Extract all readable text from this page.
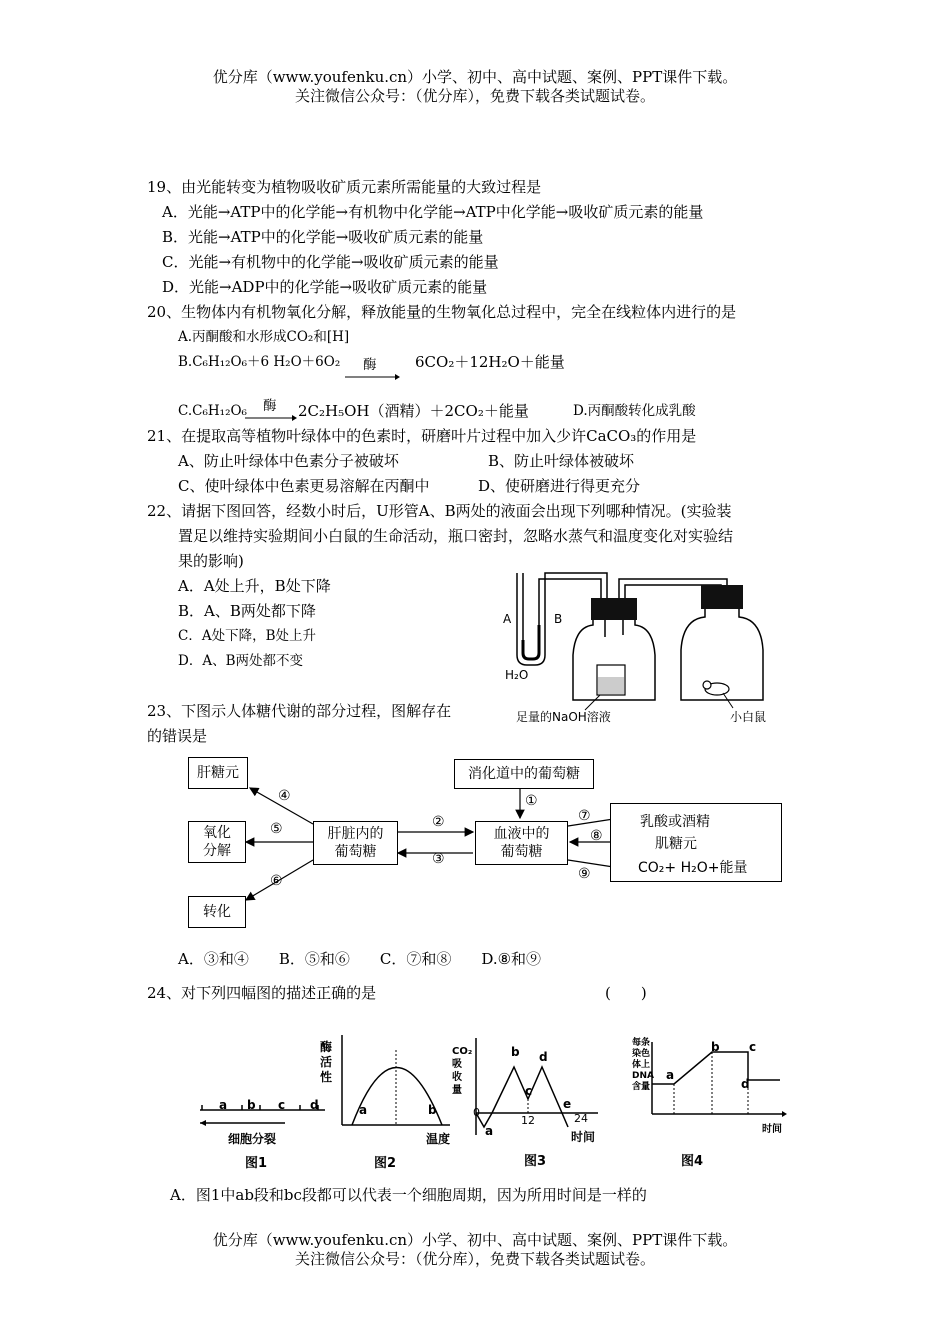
优分库（www.youfenku.cn）小学、初中、高中试题、案例、PPT课件下载。
关注微信公众号：（优分库），免费下载各类试题试卷。
19、由光能转变为植物吸收矿质元素所需能量的大致过程是
A．光能→ATP中的化学能→有机物中化学能→ATP中化学能→吸收矿质元素的能量
B．光能→ATP中的化学能→吸收矿质元素的能量
C．光能→有机物中的化学能→吸收矿质元素的能量
D．光能→ADP中的化学能→吸收矿质元素的能量
20、生物体内有机物氧化分解，释放能量的生物氧化总过程中，完全在线粒体内进行的是
A.丙酮酸和水形成CO₂和[H]
B.C₆H₁₂O₆＋6 H₂O＋6O₂ 酶	6CO₂＋12H₂O＋能量
C.C₆H₁₂O₆ 酶 2C₂H₅OH（酒精）＋2CO₂＋能量	D.丙酮酸转化成乳酸
21、在提取高等植物叶绿体中的色素时，研磨叶片过程中加入少许CaCO₃的作用是
A、防止叶绿体中色素分子被破坏	B、防止叶绿体被破坏
C、使叶绿体中色素更易溶解在丙酮中	D、使研磨进行得更充分
22、请据下图回答，经数小时后，U形管A、B两处的液面会出现下列哪种情况。(实验装
置足以维持实验期间小白鼠的生命活动，瓶口密封，忽略水蒸气和温度变化对实验结
果的影响)
A．A处上升，B处下降
B．A、B两处都下降
C．A处下降，B处上升
D．A、B两处都不变
A	B
H₂O
足量的NaOH溶液	小白鼠
23、下图示人体糖代谢的部分过程，图解存在
的错误是
肝糖元
氧化分解
转化
肝脏内的葡萄糖
消化道中的葡萄糖
血液中的葡萄糖
乳酸或酒精
肌糖元
CO₂+ H₂O+能量
①
②
③
④
⑤
⑥
⑦
⑧
⑨
A．③和④　　B．⑤和⑥　　C．⑦和⑧　　D.⑧和⑨
24、对下列四幅图的描述正确的是	(　　)
a b c d
细胞分裂
图1
酶活性
a	b
温度
图2
CO₂吸收量
0
12	24
a
b
c
d
e
时间
图3
每条染色体上DNA含量
a
b c
d
时间
图4
A．图1中ab段和bc段都可以代表一个细胞周期，因为所用时间是一样的
优分库（www.youfenku.cn）小学、初中、高中试题、案例、PPT课件下载。
关注微信公众号：（优分库），免费下载各类试题试卷。
